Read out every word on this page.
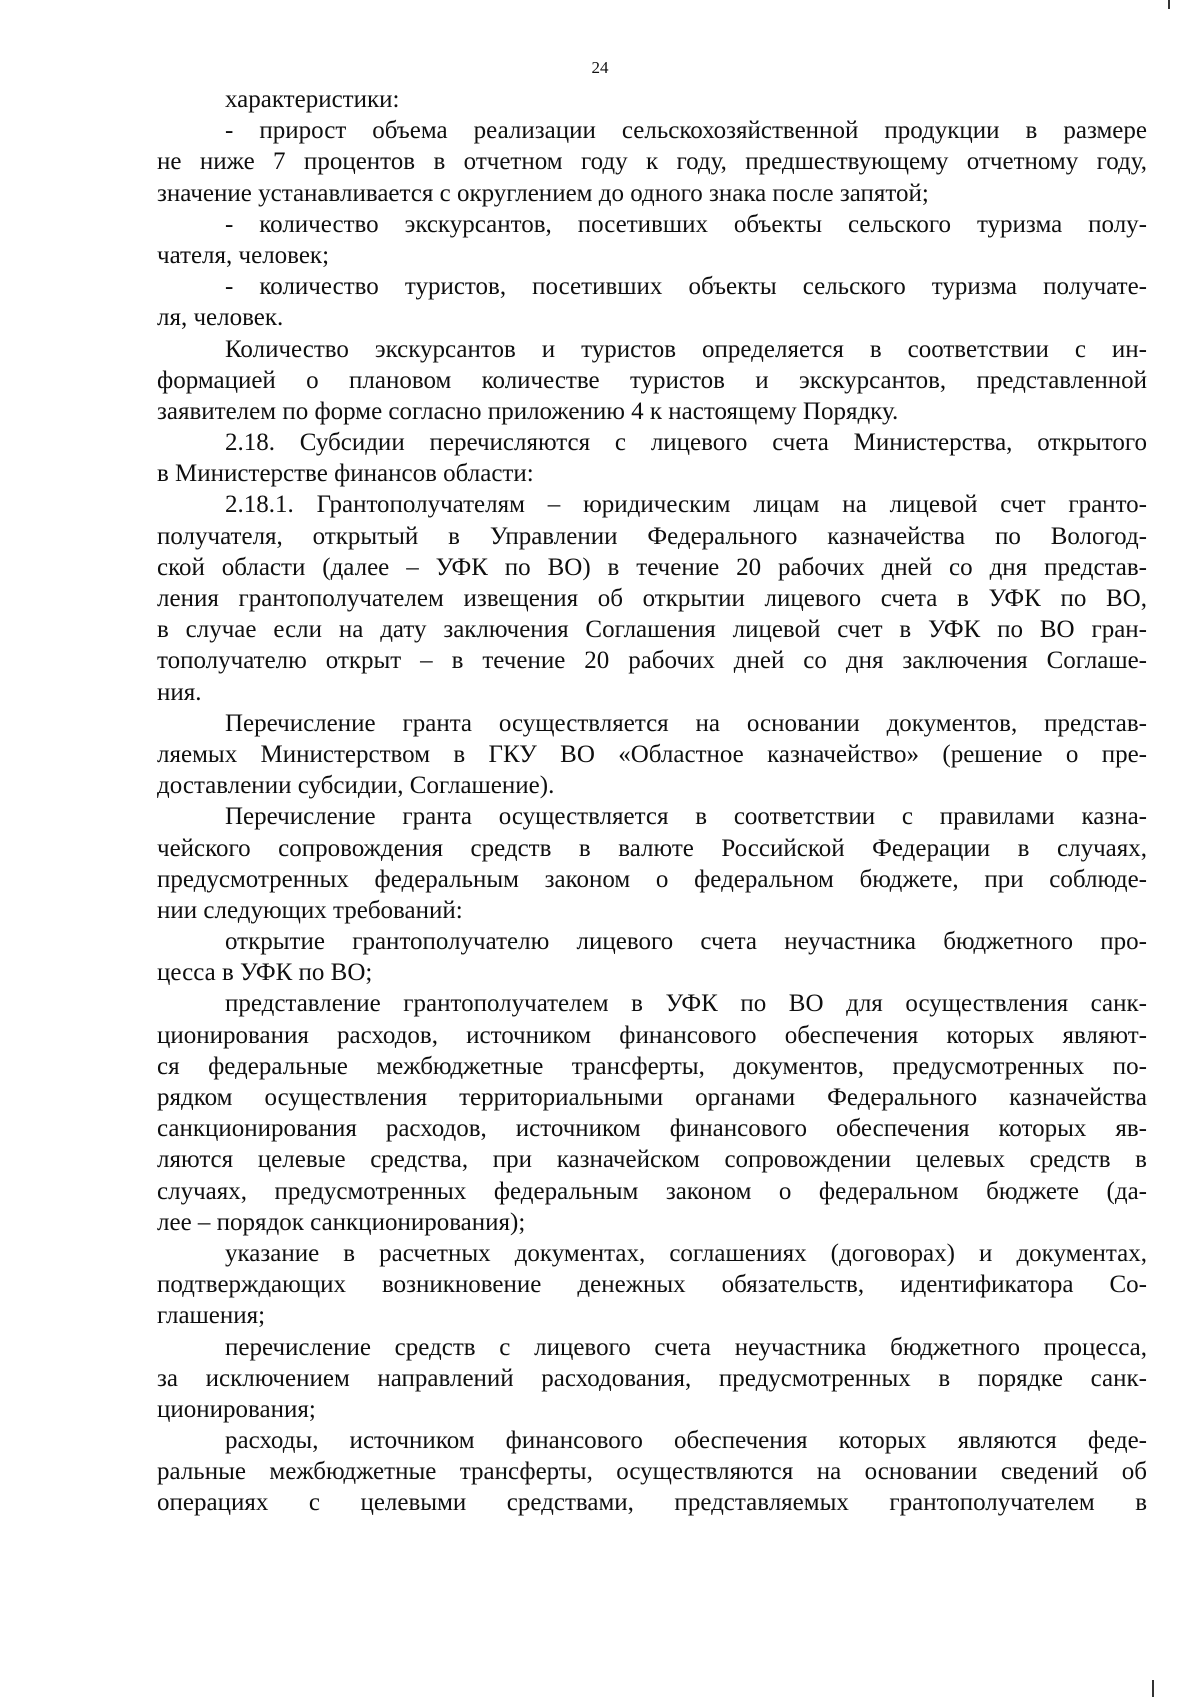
24
характеристики:
- прирост объема реализации сельскохозяйственной продукции в размере
не ниже 7 процентов в отчетном году к году, предшествующему отчетному году,
значение устанавливается с округлением до одного знака после запятой;
- количество экскурсантов, посетивших объекты сельского туризма полу-
чателя, человек;
- количество туристов, посетивших объекты сельского туризма получате-
ля, человек.
Количество экскурсантов и туристов определяется в соответствии с ин-
формацией о плановом количестве туристов и экскурсантов, представленной
заявителем по форме согласно приложению 4 к настоящему Порядку.
2.18. Субсидии перечисляются с лицевого счета Министерства, открытого
в Министерстве финансов области:
2.18.1. Грантополучателям – юридическим лицам на лицевой счет гранто-
получателя, открытый в Управлении Федерального казначейства по Вологод-
ской области (далее – УФК по ВО) в течение 20 рабочих дней со дня представ-
ления грантополучателем извещения об открытии лицевого счета в УФК по ВО,
в случае если на дату заключения Соглашения лицевой счет в УФК по ВО гран-
тополучателю открыт – в течение 20 рабочих дней со дня заключения Соглаше-
ния.
Перечисление гранта осуществляется на основании документов, представ-
ляемых Министерством в ГКУ ВО «Областное казначейство» (решение о пре-
доставлении субсидии, Соглашение).
Перечисление гранта осуществляется в соответствии с правилами казна-
чейского сопровождения средств в валюте Российской Федерации в случаях,
предусмотренных федеральным законом о федеральном бюджете, при соблюде-
нии следующих требований:
открытие грантополучателю лицевого счета неучастника бюджетного про-
цесса в УФК по ВО;
представление грантополучателем в УФК по ВО для осуществления санк-
ционирования расходов, источником финансового обеспечения которых являют-
ся федеральные межбюджетные трансферты, документов, предусмотренных по-
рядком осуществления территориальными органами Федерального казначейства
санкционирования расходов, источником финансового обеспечения которых яв-
ляются целевые средства, при казначейском сопровождении целевых средств в
случаях, предусмотренных федеральным законом о федеральном бюджете (да-
лее – порядок санкционирования);
указание в расчетных документах, соглашениях (договорах) и документах,
подтверждающих возникновение денежных обязательств, идентификатора Со-
глашения;
перечисление средств с лицевого счета неучастника бюджетного процесса,
за исключением направлений расходования, предусмотренных в порядке санк-
ционирования;
расходы, источником финансового обеспечения которых являются феде-
ральные межбюджетные трансферты, осуществляются на основании сведений об
операциях с целевыми средствами, представляемых грантополучателем в
